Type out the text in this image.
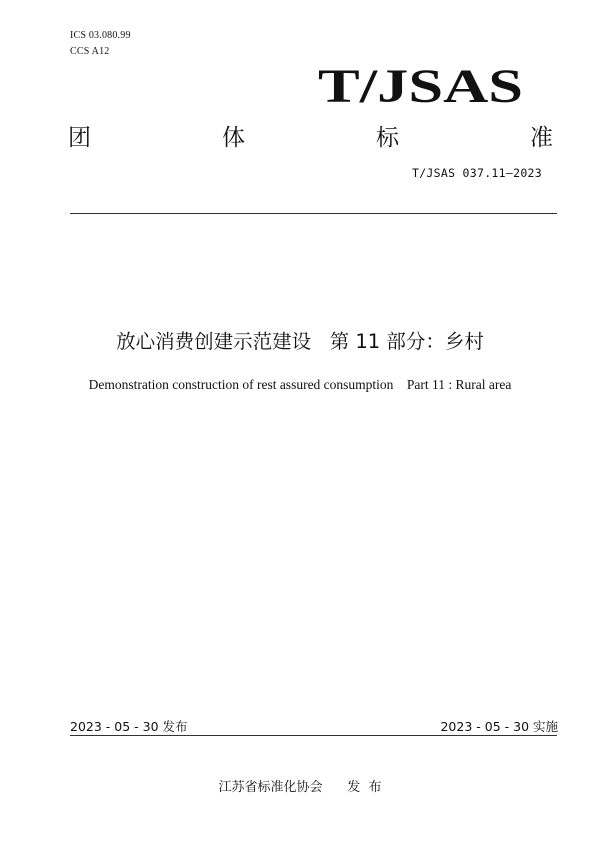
ICS 03.080.99
CCS A12
T/JSAS
团	体	标	准
T/JSAS 037.11—2023
放心消费创建示范建设   第 11 部分：乡村
Demonstration construction of rest assured consumption    Part 11 : Rural area
2023 - 05 - 30 发布	2023 - 05 - 30 实施
江苏省标准化协会      发  布
